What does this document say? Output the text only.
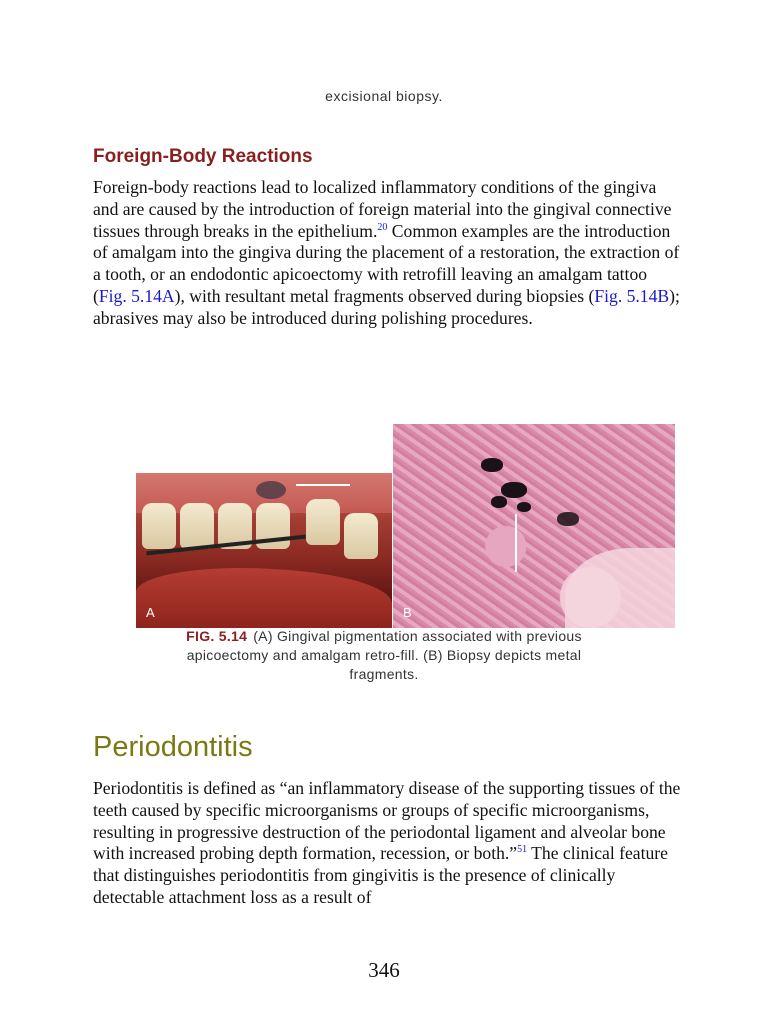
excisional biopsy.
Foreign-Body Reactions
Foreign-body reactions lead to localized inflammatory conditions of the gingiva and are caused by the introduction of foreign material into the gingival connective tissues through breaks in the epithelium.$^{20}$ Common examples are the introduction of amalgam into the gingiva during the placement of a restoration, the extraction of a tooth, or an endodontic apicoectomy with retrofill leaving an amalgam tattoo (Fig. 5.14A), with resultant metal fragments observed during biopsies (Fig. 5.14B); abrasives may also be introduced during polishing procedures.
A	B
FIG. 5.14 (A) Gingival pigmentation associated with previous apicoectomy and amalgam retro-fill. (B) Biopsy depicts metal fragments.
Periodontitis
Periodontitis is defined as “an inflammatory disease of the supporting tissues of the teeth caused by specific microorganisms or groups of specific microorganisms, resulting in progressive destruction of the periodontal ligament and alveolar bone with increased probing depth formation, recession, or both.”$^{51}$ The clinical feature that distinguishes periodontitis from gingivitis is the presence of clinically detectable attachment loss as a result of
346
